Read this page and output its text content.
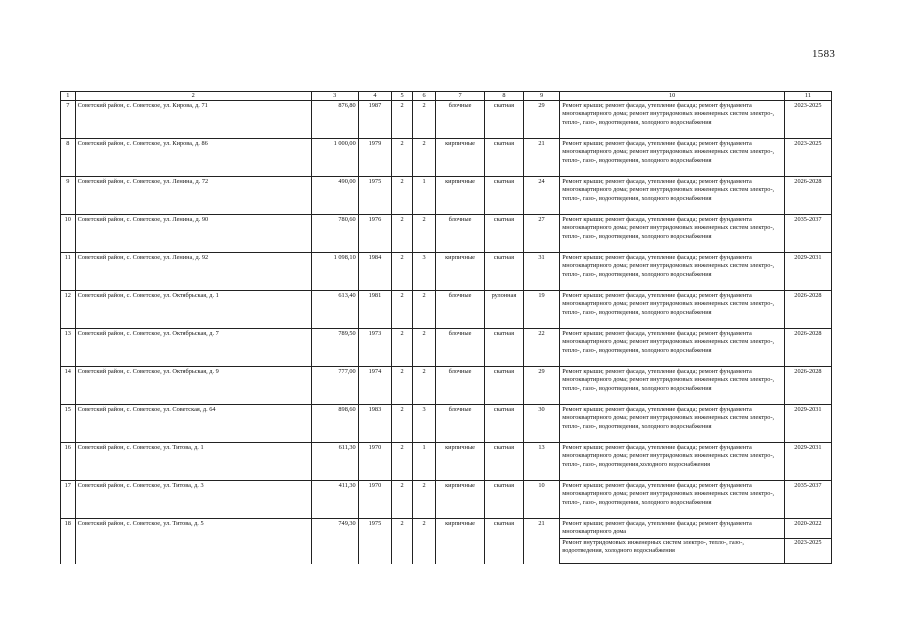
1583
1	2	3	4	5	6	7	8	9	10	11
7	Советский район, с. Советское, ул. Кирова, д. 71	876,80	1987	2	2	блочные	скатная	29	Ремонт крыши; ремонт фасада, утепление фасада; ремонт фундамента многоквартирного дома; ремонт внутридомовых инженерных систем электро-, тепло-, газо-, водоотведения, холодного водоснабжения	2023-2025
8	Советский район, с. Советское, ул. Кирова, д. 86	1 000,00	1979	2	2	кирпичные	скатная	21	Ремонт крыши; ремонт фасада, утепление фасада; ремонт фундамента многоквартирного дома; ремонт внутридомовых инженерных систем электро-, тепло-, газо-, водоотведения, холодного водоснабжения	2023-2025
9	Советский район, с. Советское, ул. Ленина, д. 72	490,00	1975	2	1	кирпичные	скатная	24	Ремонт крыши; ремонт фасада, утепление фасада; ремонт фундамента многоквартирного дома; ремонт внутридомовых инженерных систем электро-, тепло-, газо-, водоотведения, холодного водоснабжения	2026-2028
10	Советский район, с. Советское, ул. Ленина, д. 90	780,60	1976	2	2	блочные	скатная	27	Ремонт крыши; ремонт фасада, утепление фасада; ремонт фундамента многоквартирного дома; ремонт внутридомовых инженерных систем электро-, тепло-, газо-, водоотведения, холодного водоснабжения	2035-2037
11	Советский район, с. Советское, ул. Ленина, д. 92	1 098,10	1984	2	3	кирпичные	скатная	31	Ремонт крыши; ремонт фасада, утепление фасада; ремонт фундамента многоквартирного дома; ремонт внутридомовых инженерных систем электро-, тепло-, газо-, водоотведения, холодного водоснабжения	2029-2031
12	Советский район, с. Советское, ул. Октябрьская, д. 1	613,40	1981	2	2	блочные	рулонная	19	Ремонт крыши; ремонт фасада, утепление фасада; ремонт фундамента многоквартирного дома; ремонт внутридомовых инженерных систем электро-, тепло-, газо-, водоотведения, холодного водоснабжения	2026-2028
13	Советский район, с. Советское, ул. Октябрьская, д. 7	789,50	1973	2	2	блочные	скатная	22	Ремонт крыши; ремонт фасада, утепление фасада; ремонт фундамента многоквартирного дома; ремонт внутридомовых инженерных систем электро-, тепло-, газо-, водоотведения, холодного водоснабжения	2026-2028
14	Советский район, с. Советское, ул. Октябрьская, д. 9	777,00	1974	2	2	блочные	скатная	29	Ремонт крыши; ремонт фасада, утепление фасада; ремонт фундамента многоквартирного дома; ремонт внутридомовых инженерных систем электро-, тепло-, газо-, водоотведения, холодного водоснабжения	2026-2028
15	Советский район, с. Советское, ул. Советская, д. 64	898,60	1983	2	3	блочные	скатная	30	Ремонт крыши; ремонт фасада, утепление фасада; ремонт фундамента многоквартирного дома; ремонт внутридомовых инженерных систем электро-, тепло-, газо-, водоотведения, холодного водоснабжения	2029-2031
16	Советский район, с. Советское, ул. Титова, д. 1	611,30	1970	2	1	кирпичные	скатная	13	Ремонт крыши; ремонт фасада, утепление фасада; ремонт фундамента многоквартирного дома; ремонт внутридомовых инженерных систем электро-, тепло-, газо-, водоотведения,холодного водоснабжения	2029-2031
17	Советский район, с. Советское, ул. Титова, д. 3	411,30	1970	2	2	кирпичные	скатная	10	Ремонт крыши; ремонт фасада, утепление фасада; ремонт фундамента многоквартирного дома; ремонт внутридомовых инженерных систем электро-, тепло-, газо-, водоотведения, холодного водоснабжения	2035-2037
18	Советский район, с. Советское, ул. Титова, д. 5	749,30	1975	2	2	кирпичные	скатная	21	Ремонт крыши; ремонт фасада, утепление фасада; ремонт фундамента многоквартирного дома	2020-2022
									Ремонт внутридомовых инженерных систем электро-, тепло-, газо-, водоотведения, холодного водоснабжения	2023-2025
